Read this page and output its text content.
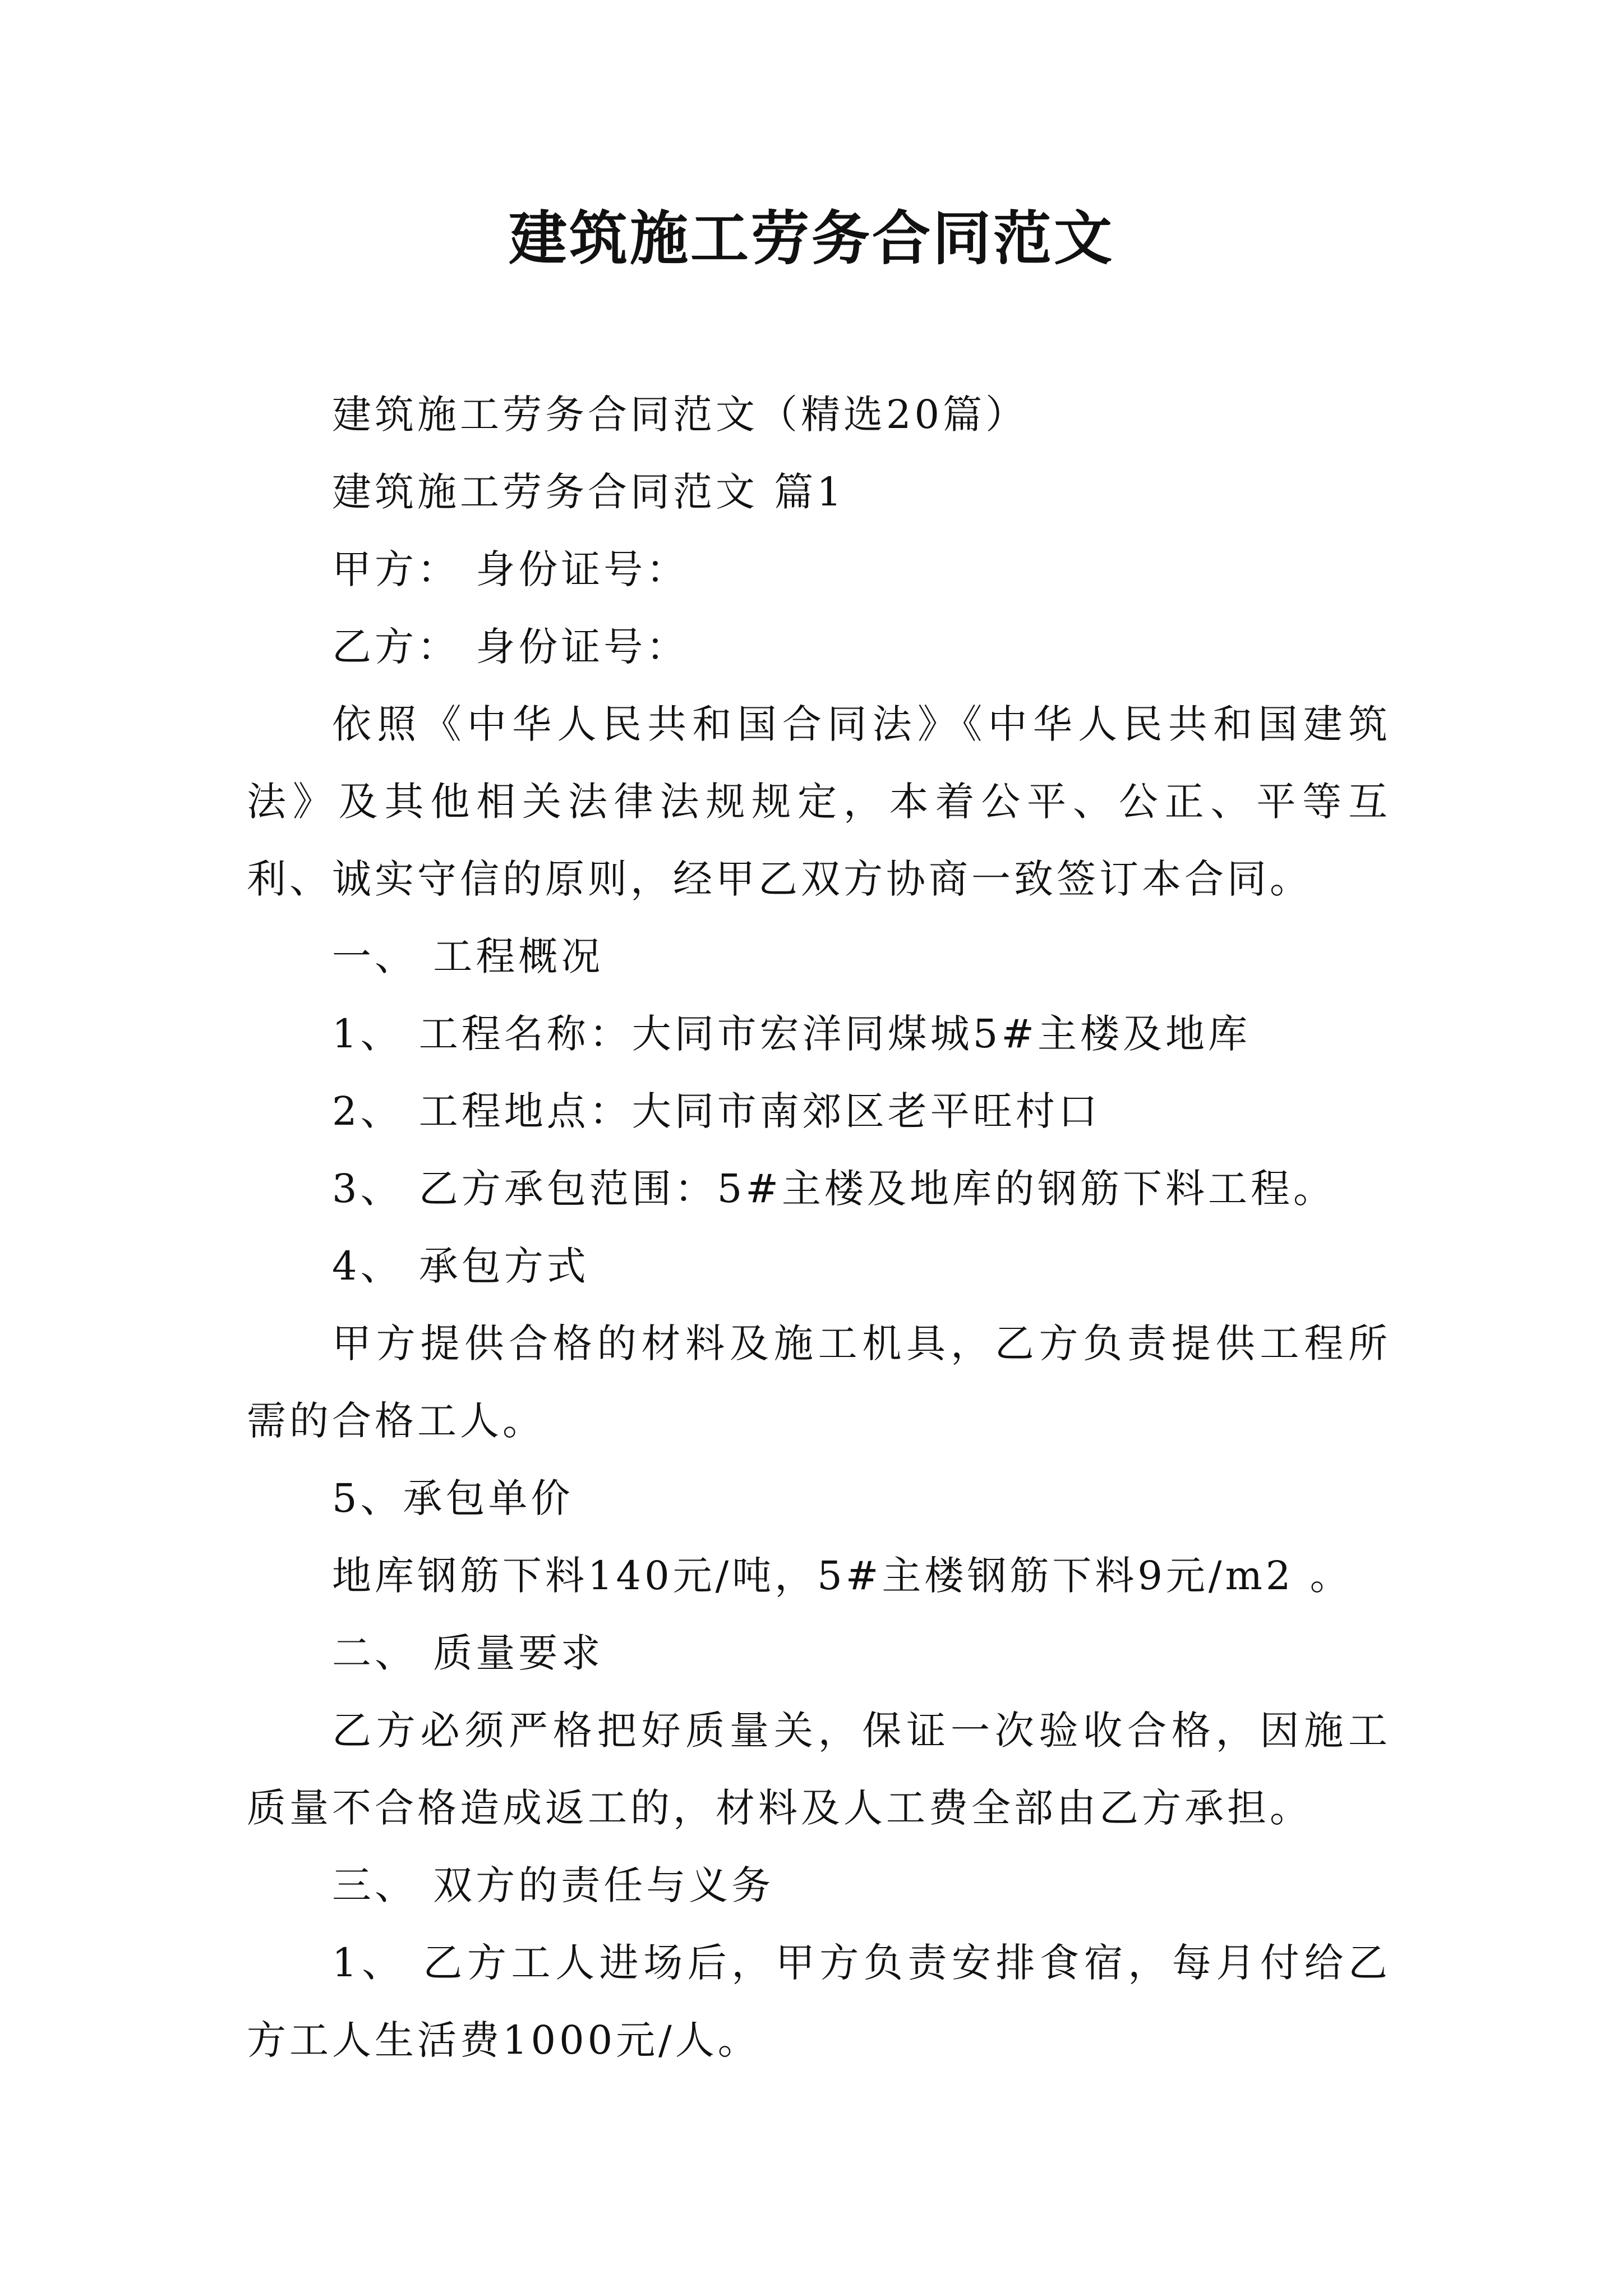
建筑施工劳务合同范文

建筑施工劳务合同范文（精选20篇）

建筑施工劳务合同范文 篇1

甲方： 身份证号：

乙方： 身份证号：

依照《中华人民共和国合同法》《中华人民共和国建筑法》及其他相关法律法规规定，本着公平、公正、平等互利、诚实守信的原则，经甲乙双方协商一致签订本合同。

一、 工程概况

1、 工程名称：大同市宏洋同煤城5#主楼及地库

2、 工程地点：大同市南郊区老平旺村口

3、 乙方承包范围：5#主楼及地库的钢筋下料工程。

4、 承包方式

甲方提供合格的材料及施工机具，乙方负责提供工程所需的合格工人。

5、承包单价

地库钢筋下料140元/吨，5#主楼钢筋下料9元/m2 。

二、 质量要求

乙方必须严格把好质量关，保证一次验收合格，因施工质量不合格造成返工的，材料及人工费全部由乙方承担。

三、 双方的责任与义务

1、 乙方工人进场后，甲方负责安排食宿，每月付给乙方工人生活费1000元/人。
